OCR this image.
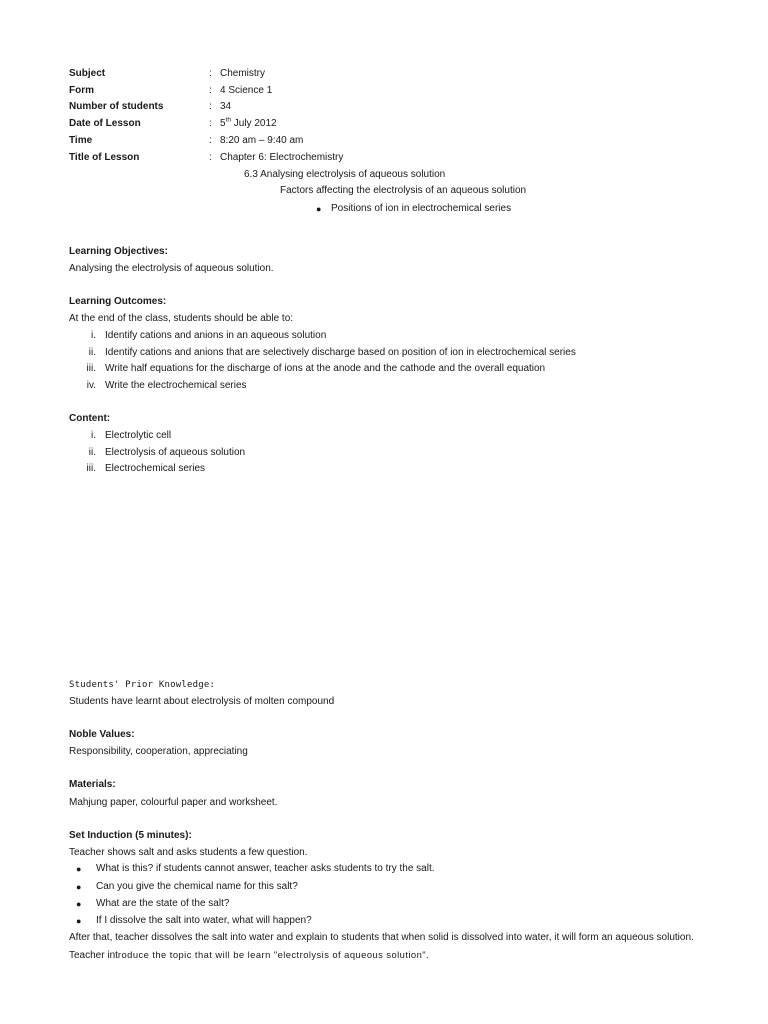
Subject	: Chemistry
Form	: 4 Science 1
Number of students	: 34
Date of Lesson	: 5th July 2012
Time	: 8:20 am – 9:40 am
Title of Lesson	: Chapter 6: Electrochemistry
6.3 Analysing electrolysis of aqueous solution
Factors affecting the electrolysis of an aqueous solution
● Positions of ion in electrochemical series
Learning Objectives:
Analysing the electrolysis of aqueous solution.
Learning Outcomes:
At the end of the class, students should be able to:
i. Identify cations and anions in an aqueous solution
ii. Identify cations and anions that are selectively discharge based on position of ion in electrochemical series
iii. Write half equations for the discharge of ions at the anode and the cathode and the overall equation
iv. Write the electrochemical series
Content:
i. Electrolytic cell
ii. Electrolysis of aqueous solution
iii. Electrochemical series
Students' Prior Knowledge:
Students have learnt about electrolysis of molten compound
Noble Values:
Responsibility, cooperation, appreciating
Materials:
Mahjung paper, colourful paper and worksheet.
Set Induction (5 minutes):
Teacher shows salt and asks students a few question.
● What is this? if students cannot answer, teacher asks students to try the salt.
● Can you give the chemical name for this salt?
● What are the state of the salt?
● If I dissolve the salt into water, what will happen?
After that, teacher dissolves the salt into water and explain to students that when solid is dissolved into water, it will form an aqueous solution.
Teacher introduce the topic that will be learn "electrolysis of aqueous solution".
